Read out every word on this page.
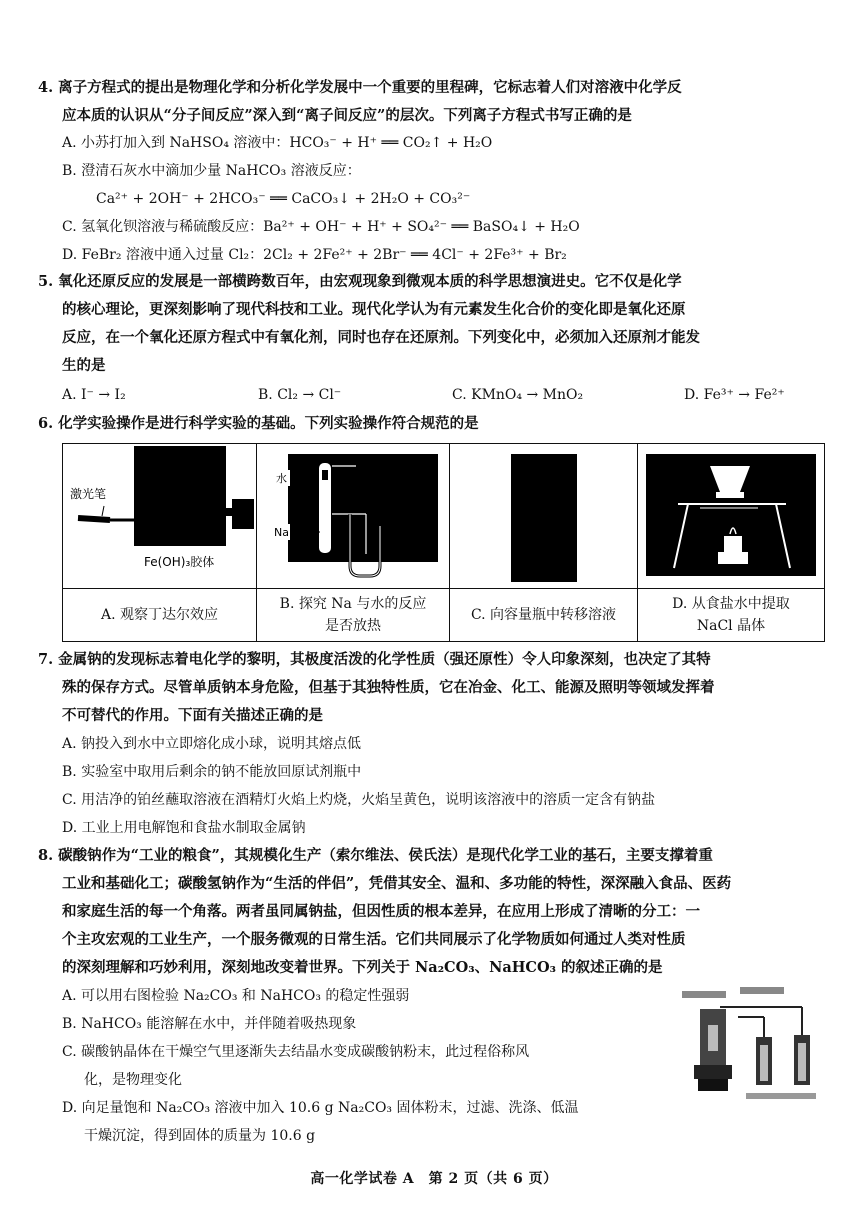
4. 离子方程式的提出是物理化学和分析化学发展中一个重要的里程碑，它标志着人们对溶液中化学反
应本质的认识从“分子间反应”深入到“离子间反应”的层次。下列离子方程式书写正确的是
A. 小苏打加入到 NaHSO₄ 溶液中：HCO₃⁻ + H⁺ ══ CO₂↑ + H₂O
B. 澄清石灰水中滴加少量 NaHCO₃ 溶液反应：
Ca²⁺ + 2OH⁻ + 2HCO₃⁻ ══ CaCO₃↓ + 2H₂O + CO₃²⁻
C. 氢氧化钡溶液与稀硫酸反应：Ba²⁺ + OH⁻ + H⁺ + SO₄²⁻ ══ BaSO₄↓ + H₂O
D. FeBr₂ 溶液中通入过量 Cl₂：2Cl₂ + 2Fe²⁺ + 2Br⁻ ══ 4Cl⁻ + 2Fe³⁺ + Br₂
5. 氧化还原反应的发展是一部横跨数百年，由宏观现象到微观本质的科学思想演进史。它不仅是化学
的核心理论，更深刻影响了现代科技和工业。现代化学认为有元素发生化合价的变化即是氧化还原
反应，在一个氧化还原方程式中有氧化剂，同时也存在还原剂。下列变化中，必须加入还原剂才能发
生的是
A. I⁻ → I₂	B. Cl₂ → Cl⁻	C. KMnO₄ → MnO₂	D. Fe³⁺ → Fe²⁺
6. 化学实验操作是进行科学实验的基础。下列实验操作符合规范的是
激光笔
Fe(OH)₃胶体	水
Na
墨水

A. 观察丁达尔效应	B. 探究 Na 与水的反应
是否放热	C. 向容量瓶中转移溶液	D. 从食盐水中提取
NaCl 晶体
7. 金属钠的发现标志着电化学的黎明，其极度活泼的化学性质（强还原性）令人印象深刻，也决定了其特
殊的保存方式。尽管单质钠本身危险，但基于其独特性质，它在冶金、化工、能源及照明等领域发挥着
不可替代的作用。下面有关描述正确的是
A. 钠投入到水中立即熔化成小球，说明其熔点低
B. 实验室中取用后剩余的钠不能放回原试剂瓶中
C. 用洁净的铂丝蘸取溶液在酒精灯火焰上灼烧，火焰呈黄色，说明该溶液中的溶质一定含有钠盐
D. 工业上用电解饱和食盐水制取金属钠
8. 碳酸钠作为“工业的粮食”，其规模化生产（索尔维法、侯氏法）是现代化学工业的基石，主要支撑着重
工业和基础化工；碳酸氢钠作为“生活的伴侣”，凭借其安全、温和、多功能的特性，深深融入食品、医药
和家庭生活的每一个角落。两者虽同属钠盐，但因性质的根本差异，在应用上形成了清晰的分工：一
个主攻宏观的工业生产，一个服务微观的日常生活。它们共同展示了化学物质如何通过人类对性质
的深刻理解和巧妙利用，深刻地改变着世界。下列关于 Na₂CO₃、NaHCO₃ 的叙述正确的是
A. 可以用右图检验 Na₂CO₃ 和 NaHCO₃ 的稳定性强弱
B. NaHCO₃ 能溶解在水中，并伴随着吸热现象
C. 碳酸钠晶体在干燥空气里逐渐失去结晶水变成碳酸钠粉末，此过程俗称风
化，是物理变化
D. 向足量饱和 Na₂CO₃ 溶液中加入 10.6 g Na₂CO₃ 固体粉末，过滤、洗涤、低温
干燥沉淀，得到固体的质量为 10.6 g
高一化学试卷 A　第 2 页（共 6 页）
